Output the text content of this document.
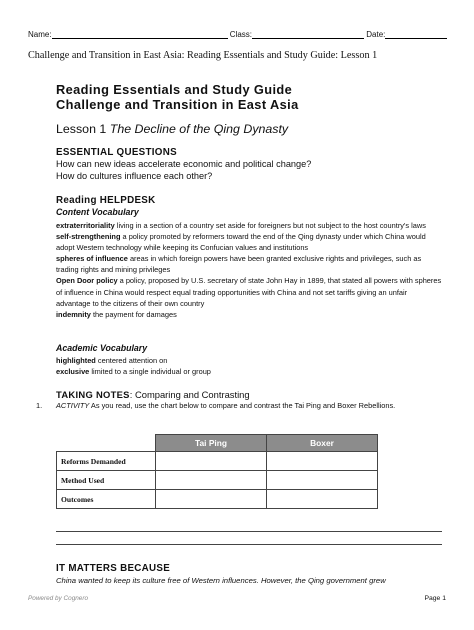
Name:	Class:	Date:
Challenge and Transition in East Asia: Reading Essentials and Study Guide: Lesson 1
Reading Essentials and Study Guide
Challenge and Transition in East Asia
Lesson 1 The Decline of the Qing Dynasty
ESSENTIAL QUESTIONS
How can new ideas accelerate economic and political change?
How do cultures influence each other?
Reading HELPDESK
Content Vocabulary

extraterritoriality living in a section of a country set aside for foreigners but not subject to the host country's laws

self-strengthening a policy promoted by reformers toward the end of the Qing dynasty under which China would adopt Western technology while keeping its Confucian values and institutions

spheres of influence areas in which foreign powers have been granted exclusive rights and privileges, such as trading rights and mining privileges

Open Door policy a policy, proposed by U.S. secretary of state John Hay in 1899, that stated all powers with spheres of influence in China would respect equal trading opportunities with China and not set tariffs giving an unfair advantage to the citizens of their own country

indemnity the payment for damages

Academic Vocabulary

highlighted centered attention on

exclusive limited to a single individual or group

TAKING NOTES: Comparing and Contrasting
1. ACTIVITY As you read, use the chart below to compare and contrast the Tai Ping and Boxer Rebellions.
	Tai Ping	Boxer
Reforms Demanded		
Method Used		
Outcomes		
IT MATTERS BECAUSE
China wanted to keep its culture free of Western influences. However, the Qing government grew
Powered by Cognero	Page 1
